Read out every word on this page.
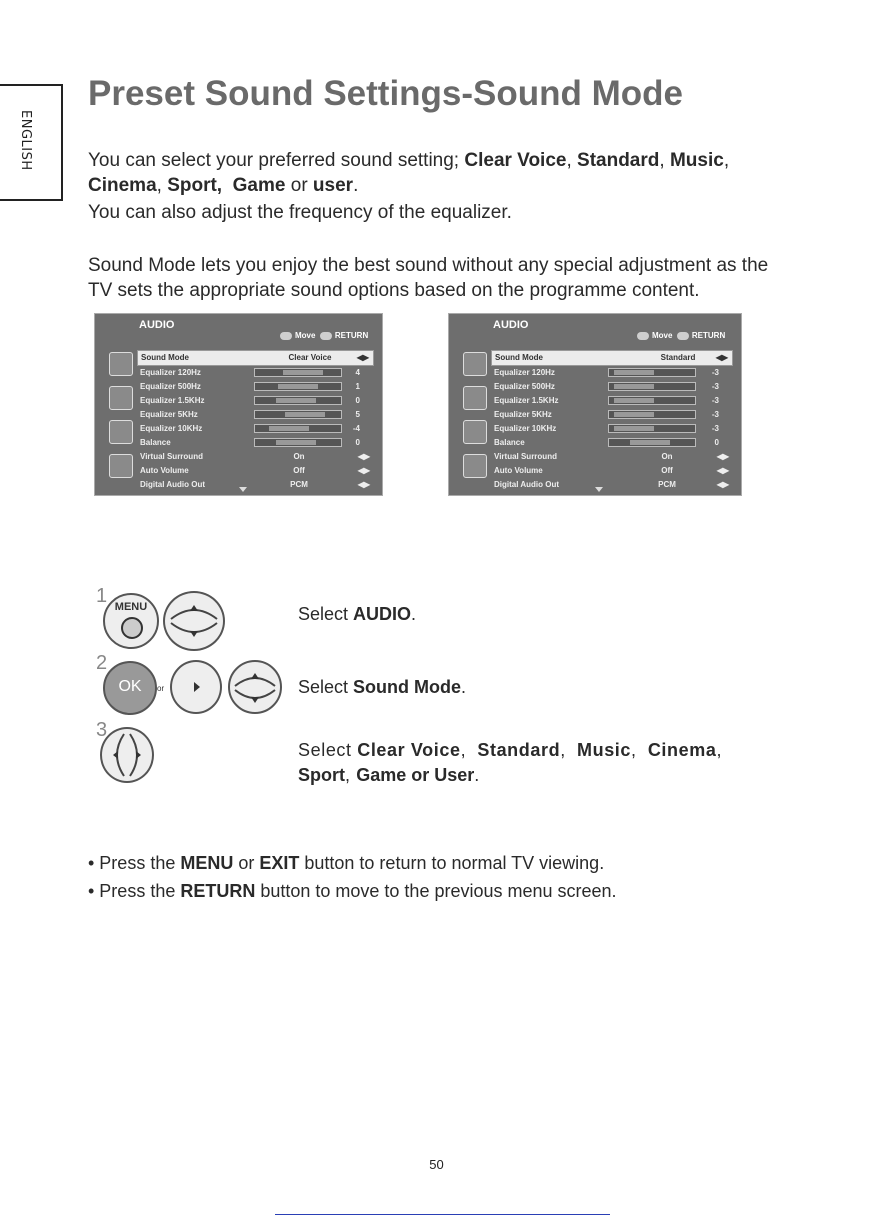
ENGLISH
Preset Sound Settings-Sound Mode

You can select your preferred sound setting; Clear Voice, Standard, Music,
Cinema, Sport, Game or user.

You can also adjust the frequency of the equalizer.

Sound Mode lets you enjoy the best sound without any special adjustment as the TV sets the appropriate sound options based on the programme content.

AUDIO
Move RETURN
Sound Mode	Clear Voice	◀▶
Equalizer 120Hz	4
Equalizer 500Hz	1
Equalizer 1.5KHz	0
Equalizer 5KHz	5
Equalizer 10KHz	-4
Balance	0
Virtual Surround	On	◀▶
Auto Volume	Off	◀▶
Digital Audio Out	PCM	◀▶
AUDIO
Move RETURN
Sound Mode	Standard	◀▶
Equalizer 120Hz	-3
Equalizer 500Hz	-3
Equalizer 1.5KHz	-3
Equalizer 5KHz	-3
Equalizer 10KHz	-3
Balance	0
Virtual Surround	On	◀▶
Auto Volume	Off	◀▶
Digital Audio Out	PCM	◀▶
1 MENU	Select AUDIO.
2
OK	or	Select Sound Mode.
3
Select Clear Voice,  Standard,  Music,  Cinema,
Sport, Game or User.
• Press the MENU or EXIT button to return to normal TV viewing.
• Press the RETURN button to move to the previous menu screen.
50
